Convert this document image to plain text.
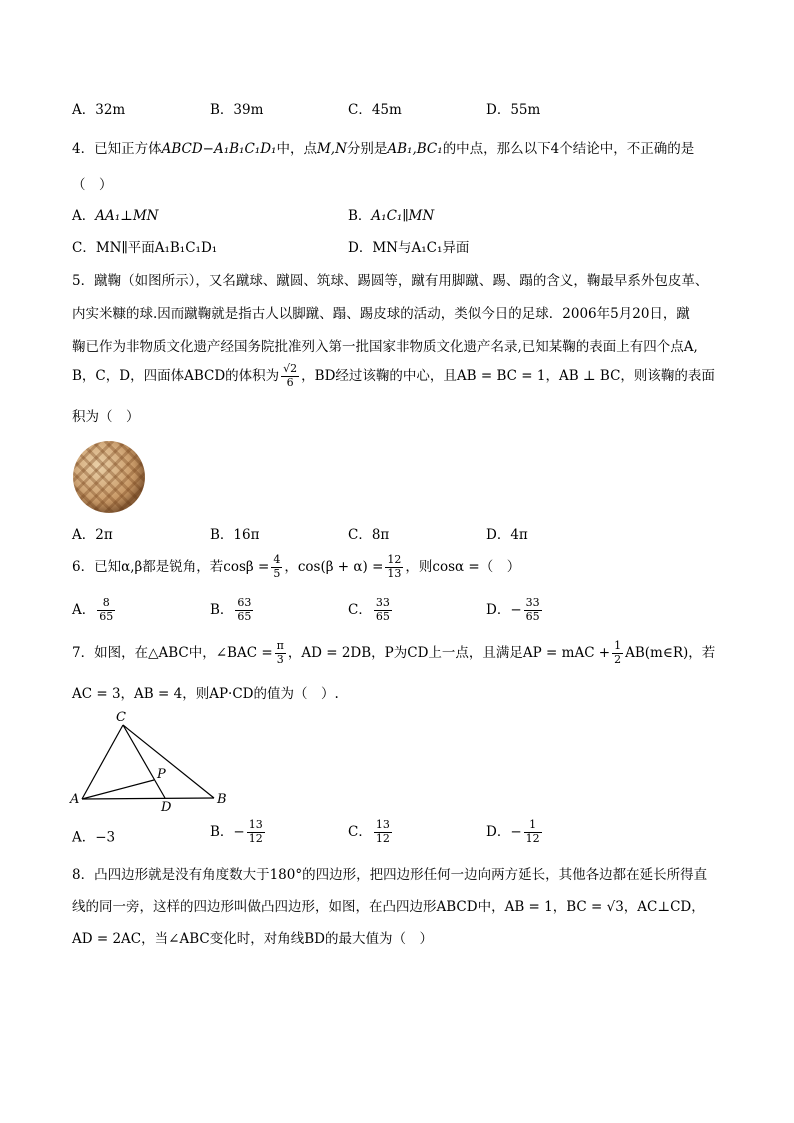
A．32m	B．39m	C．45m	D．55m
4．已知正方体ABCD−A₁B₁C₁D₁中，点M,N分别是AB₁,BC₁的中点，那么以下4个结论中，不正确的是
（　）
A．AA₁⊥MN	B．A₁C₁∥MN
C．MN∥平面A₁B₁C₁D₁	D．MN与A₁C₁异面
5．蹴鞠（如图所示），又名蹴球、蹴圆、筑球、踢圆等，蹴有用脚蹴、踢、蹋的含义，鞠最早系外包皮革、
内实米糠的球.因而蹴鞠就是指古人以脚蹴、蹋、踢皮球的活动，类似今日的足球．2006年5月20日，蹴
鞠已作为非物质文化遗产经国务院批准列入第一批国家非物质文化遗产名录,已知某鞠的表面上有四个点A,
B，C，D，四面体ABCD的体积为 $\frac{√2}{6}$ ，BD经过该鞠的中心，且AB = BC = 1，AB ⊥ BC，则该鞠的表面
积为（　）
A．2π	B．16π	C．8π	D．4π
6．已知α,β都是锐角，若$\cos\beta = \frac{4}{5}$ ，$\cos(\beta + \alpha) = \frac{12}{13}$ ，则cosα =（　）
A． $\frac{8}{65}$	B． $\frac{63}{65}$	C． $\frac{33}{65}$	D．− $\frac{33}{65}$
7．如图，在△ABC中，∠BAC = $\frac{\pi}{3}$ ，AD = 2DB，P为CD上一点，且满足AP = mAC + $\frac{1}{2}$ AB(m∈R)，若
AC = 3，AB = 4，则AP·CD的值为（　）.
C
P
A
D
B
A．−3	B．− $\frac{13}{12}$	C． $\frac{13}{12}$	D．− $\frac{1}{12}$
8．凸四边形就是没有角度数大于180°的四边形，把四边形任何一边向两方延长，其他各边都在延长所得直
线的同一旁，这样的四边形叫做凸四边形，如图，在凸四边形ABCD中，AB = 1，BC = √3，AC⊥CD，
AD = 2AC，当∠ABC变化时，对角线BD的最大值为（　）
